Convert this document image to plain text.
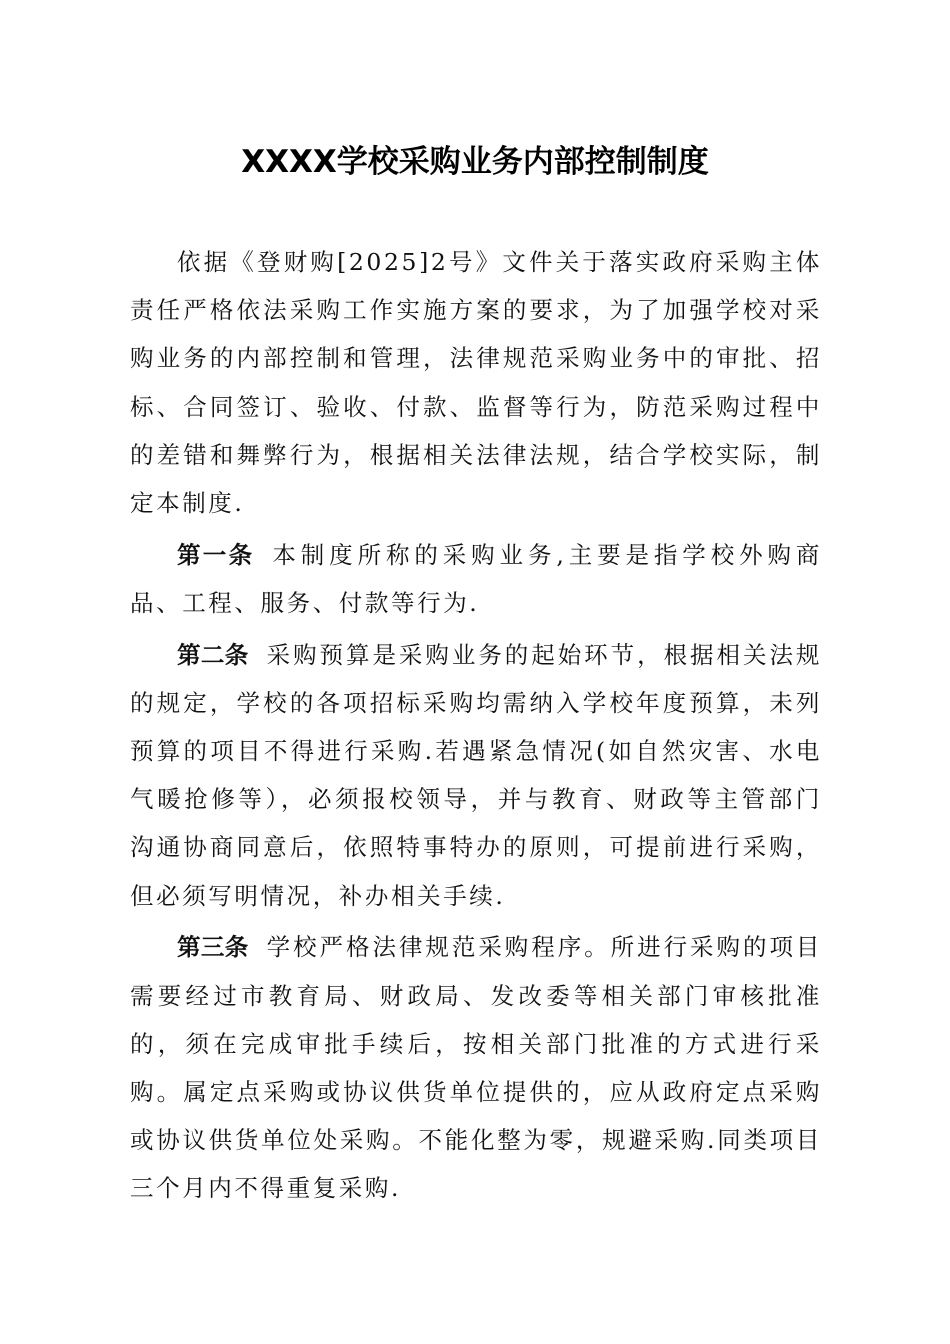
XXXX学校采购业务内部控制制度

依据《登财购[2025]2号》文件关于落实政府采购主体责任严格依法采购工作实施方案的要求，为了加强学校对采购业务的内部控制和管理，法律规范采购业务中的审批、招标、合同签订、验收、付款、监督等行为，防范采购过程中的差错和舞弊行为，根据相关法律法规，结合学校实际，制定本制度.

第一条 本制度所称的采购业务,主要是指学校外购商品、工程、服务、付款等行为.

第二条 采购预算是采购业务的起始环节，根据相关法规的规定，学校的各项招标采购均需纳入学校年度预算，未列预算的项目不得进行采购.若遇紧急情况(如自然灾害、水电气暖抢修等），必须报校领导，并与教育、财政等主管部门沟通协商同意后，依照特事特办的原则，可提前进行采购，但必须写明情况，补办相关手续.

第三条 学校严格法律规范采购程序。所进行采购的项目需要经过市教育局、财政局、发改委等相关部门审核批准的，须在完成审批手续后，按相关部门批准的方式进行采购。属定点采购或协议供货单位提供的，应从政府定点采购或协议供货单位处采购。不能化整为零，规避采购.同类项目三个月内不得重复采购.
